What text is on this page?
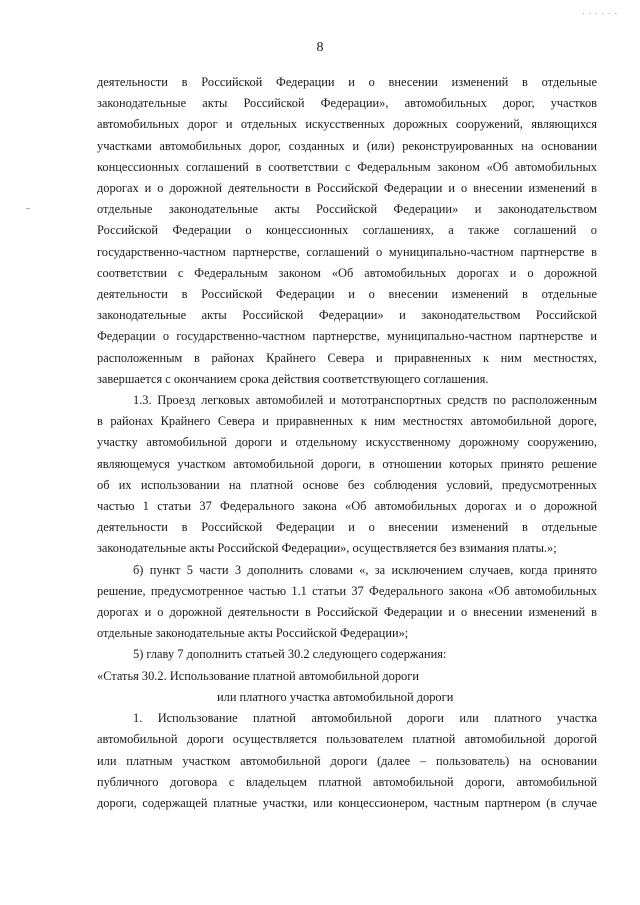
. . . . . .
8
деятельности в Российской Федерации и о внесении изменений в отдельные
законодательные акты Российской Федерации», автомобильных дорог, участков
автомобильных дорог и отдельных искусственных дорожных сооружений, являющихся
участками автомобильных дорог, созданных и (или) реконструированных на основании
концессионных соглашений в соответствии с Федеральным законом «Об автомобильных
дорогах и о дорожной деятельности в Российской Федерации и о внесении изменений в
отдельные законодательные акты Российской Федерации» и законодательством
Российской Федерации о концессионных соглашениях, а также соглашений о
государственно-частном партнерстве, соглашений о муниципально-частном партнерстве в
соответствии с Федеральным законом «Об автомобильных дорогах и о дорожной
деятельности в Российской Федерации и о внесении изменений в отдельные
законодательные акты Российской Федерации» и законодательством Российской
Федерации о государственно-частном партнерстве, муниципально-частном партнерстве и
расположенным в районах Крайнего Севера и приравненных к ним местностях,
завершается с окончанием срока действия соответствующего соглашения.
1.3. Проезд легковых автомобилей и мототранспортных средств по расположенным
в районах Крайнего Севера и приравненных к ним местностях автомобильной дороге,
участку автомобильной дороги и отдельному искусственному дорожному сооружению,
являющемуся участком автомобильной дороги, в отношении которых принято решение
об их использовании на платной основе без соблюдения условий, предусмотренных
частью 1 статьи 37 Федерального закона «Об автомобильных дорогах и о дорожной
деятельности в Российской Федерации и о внесении изменений в отдельные
законодательные акты Российской Федерации», осуществляется без взимания платы.»;
б) пункт 5 части 3 дополнить словами «, за исключением случаев, когда принято
решение, предусмотренное частью 1.1 статьи 37 Федерального закона «Об автомобильных
дорогах и о дорожной деятельности в Российской Федерации и о внесении изменений в
отдельные законодательные акты Российской Федерации»;
5) главу 7 дополнить статьей 30.2 следующего содержания:
«Статья 30.2. Использование платной автомобильной дороги
или платного участка автомобильной дороги
1. Использование платной автомобильной дороги или платного участка
автомобильной дороги осуществляется пользователем платной автомобильной дорогой
или платным участком автомобильной дороги (далее – пользователь) на основании
публичного договора с владельцем платной автомобильной дороги, автомобильной
дороги, содержащей платные участки, или концессионером, частным партнером (в случае
